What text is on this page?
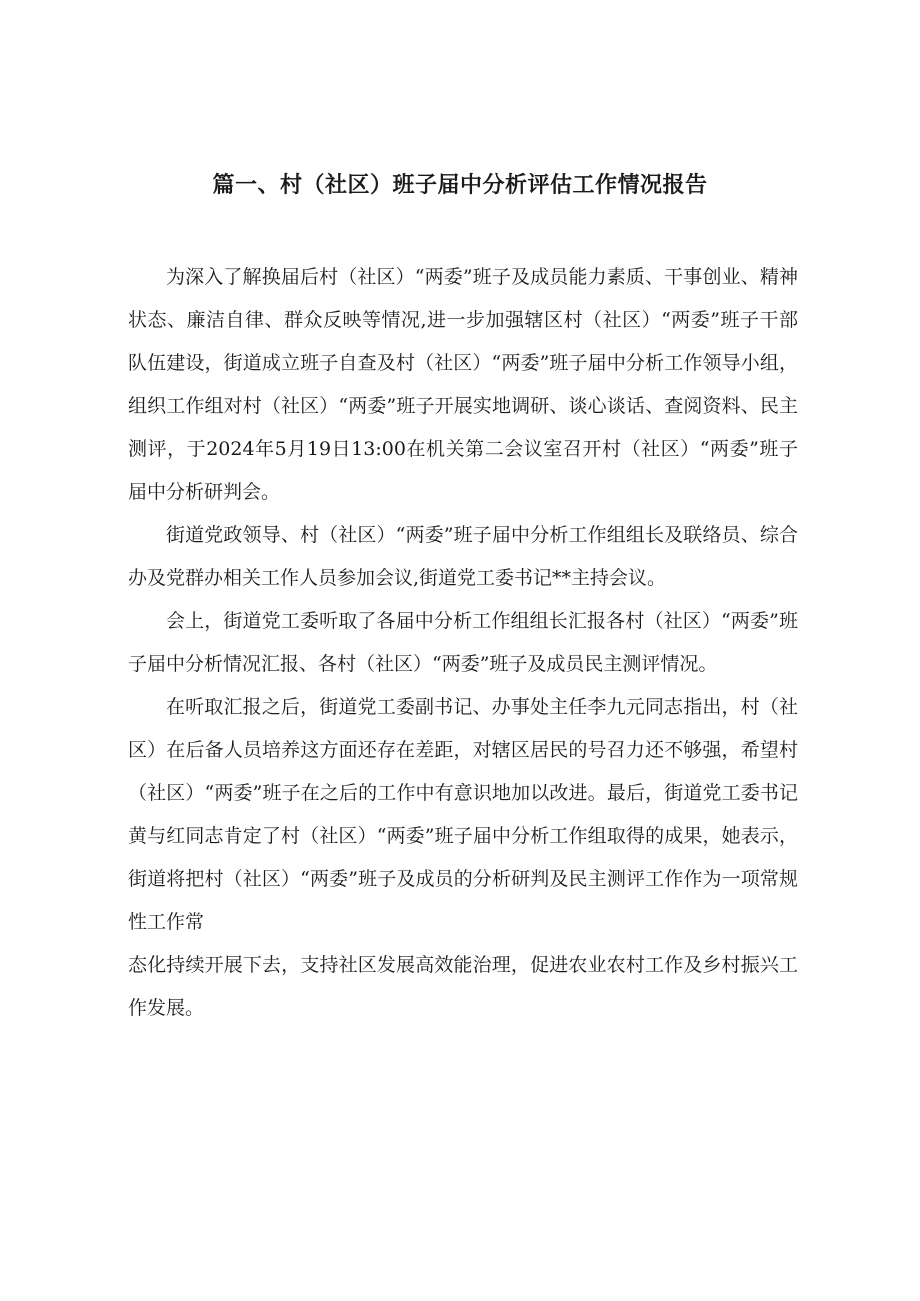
篇一、村（社区）班子届中分析评估工作情况报告

为深入了解换届后村（社区）“两委”班子及成员能力素质、干事创业、精神状态、廉洁自律、群众反映等情况,进一步加强辖区村（社区）“两委”班子干部队伍建设，街道成立班子自查及村（社区）“两委”班子届中分析工作领导小组，组织工作组对村（社区）“两委”班子开展实地调研、谈心谈话、查阅资料、民主测评，于2024年5月19日13:00在机关第二会议室召开村（社区）“两委”班子届中分析研判会。

街道党政领导、村（社区）“两委”班子届中分析工作组组长及联络员、综合办及党群办相关工作人员参加会议,街道党工委书记**主持会议。

会上，街道党工委听取了各届中分析工作组组长汇报各村（社区）“两委”班子届中分析情况汇报、各村（社区）“两委”班子及成员民主测评情况。

在听取汇报之后，街道党工委副书记、办事处主任李九元同志指出，村（社区）在后备人员培养这方面还存在差距，对辖区居民的号召力还不够强，希望村（社区）“两委”班子在之后的工作中有意识地加以改进。最后，街道党工委书记黄与红同志肯定了村（社区）“两委”班子届中分析工作组取得的成果，她表示，街道将把村（社区）“两委”班子及成员的分析研判及民主测评工作作为一项常规性工作常

态化持续开展下去，支持社区发展高效能治理，促进农业农村工作及乡村振兴工作发展。
